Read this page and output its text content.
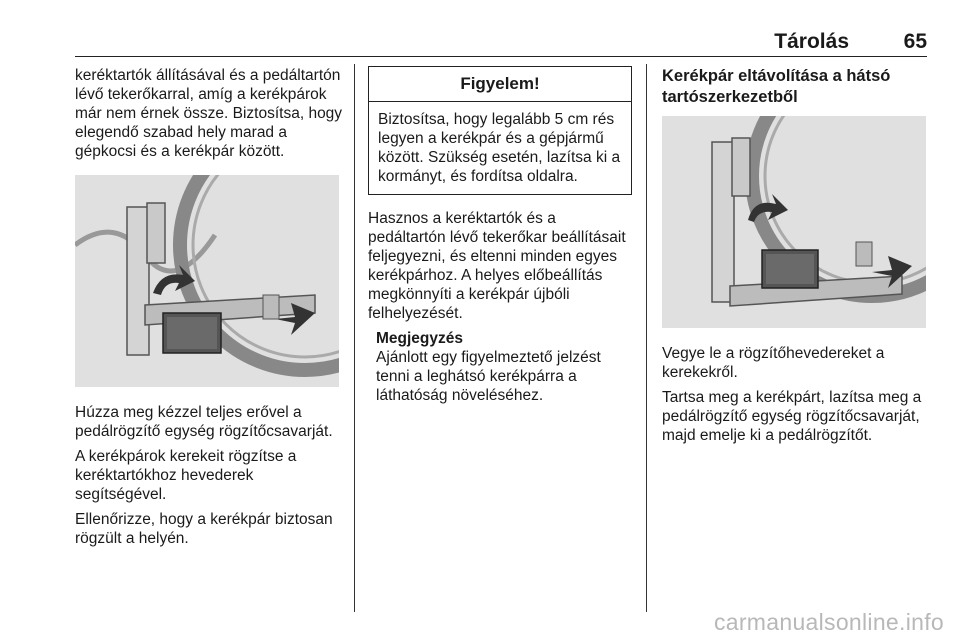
Tárolás	65

keréktartók állításával és a pedáltartón lévő tekerőkarral, amíg a kerékpárok már nem érnek össze. Biztosítsa, hogy elegendő szabad hely marad a gépkocsi és a kerékpár között.

Húzza meg kézzel teljes erővel a pedálrögzítő egység rögzítőcsavarját.

A kerékpárok kerekeit rögzítse a keréktartókhoz hevederek segítségével.

Ellenőrizze, hogy a kerékpár biztosan rögzült a helyén.

Figyelem!
Biztosítsa, hogy legalább 5 cm rés legyen a kerékpár és a gépjármű között. Szükség esetén, lazítsa ki a kormányt, és fordítsa oldalra.

Hasznos a keréktartók és a pedáltartón lévő tekerőkar beállításait feljegyezni, és eltenni minden egyes kerékpárhoz. A helyes előbeállítás megkönnyíti a kerékpár újbóli felhelyezését.

Megjegyzés
Ajánlott egy figyelmeztető jelzést tenni a leghátsó kerékpárra a láthatóság növeléséhez.
Kerékpár eltávolítása a hátsó tartószerkezetből

Vegye le a rögzítőhevedereket a kerekekről.

Tartsa meg a kerékpárt, lazítsa meg a pedálrögzítő egység rögzítőcsavarját, majd emelje ki a pedálrögzítőt.

carmanualsonline.info
